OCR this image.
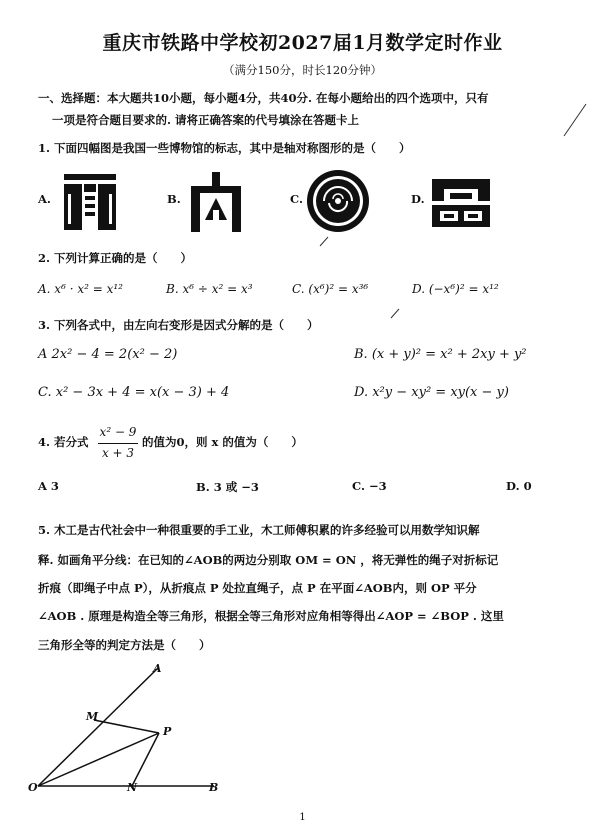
重庆市铁路中学校初2027届1月数学定时作业
（满分150分，时长120分钟）
一、选择题：本大题共10小题，每小题4分，共40分. 在每小题给出的四个选项中，只有
一项是符合题目要求的. 请将正确答案的代号填涂在答题卡上
1. 下面四幅图是我国一些博物馆的标志，其中是轴对称图形的是（　　）
A.	B.	C.	D.
2. 下列计算正确的是（　　）
A. x⁶ · x² = x¹²	B. x⁶ ÷ x² = x³	C. (x⁶)² = x³⁶	D. (−x⁶)² = x¹²
3. 下列各式中，由左向右变形是因式分解的是（　　）
A 2x² − 4 = 2(x² − 2)	B. (x + y)² = x² + 2xy + y²
C. x² − 3x + 4 = x(x − 3) + 4	D. x²y − xy² = xy(x − y)
4. 若分式
x² − 9
x + 3
的值为0，则 x 的值为（　　）
A 3	B. 3 或 −3	C. −3	D. 0
5. 木工是古代社会中一种很重要的手工业，木工师傅积累的许多经验可以用数学知识解
释. 如画角平分线：在已知的∠AOB的两边分别取 OM = ON ，将无弹性的绳子对折标记
折痕（即绳子中点 P），从折痕点 P 处拉直绳子，点 P 在平面∠AOB内，则 OP 平分
∠AOB . 原理是构造全等三角形，根据全等三角形对应角相等得出∠AOP = ∠BOP . 这里
三角形全等的判定方法是（　　）
A
M
P
O	N	B
1
